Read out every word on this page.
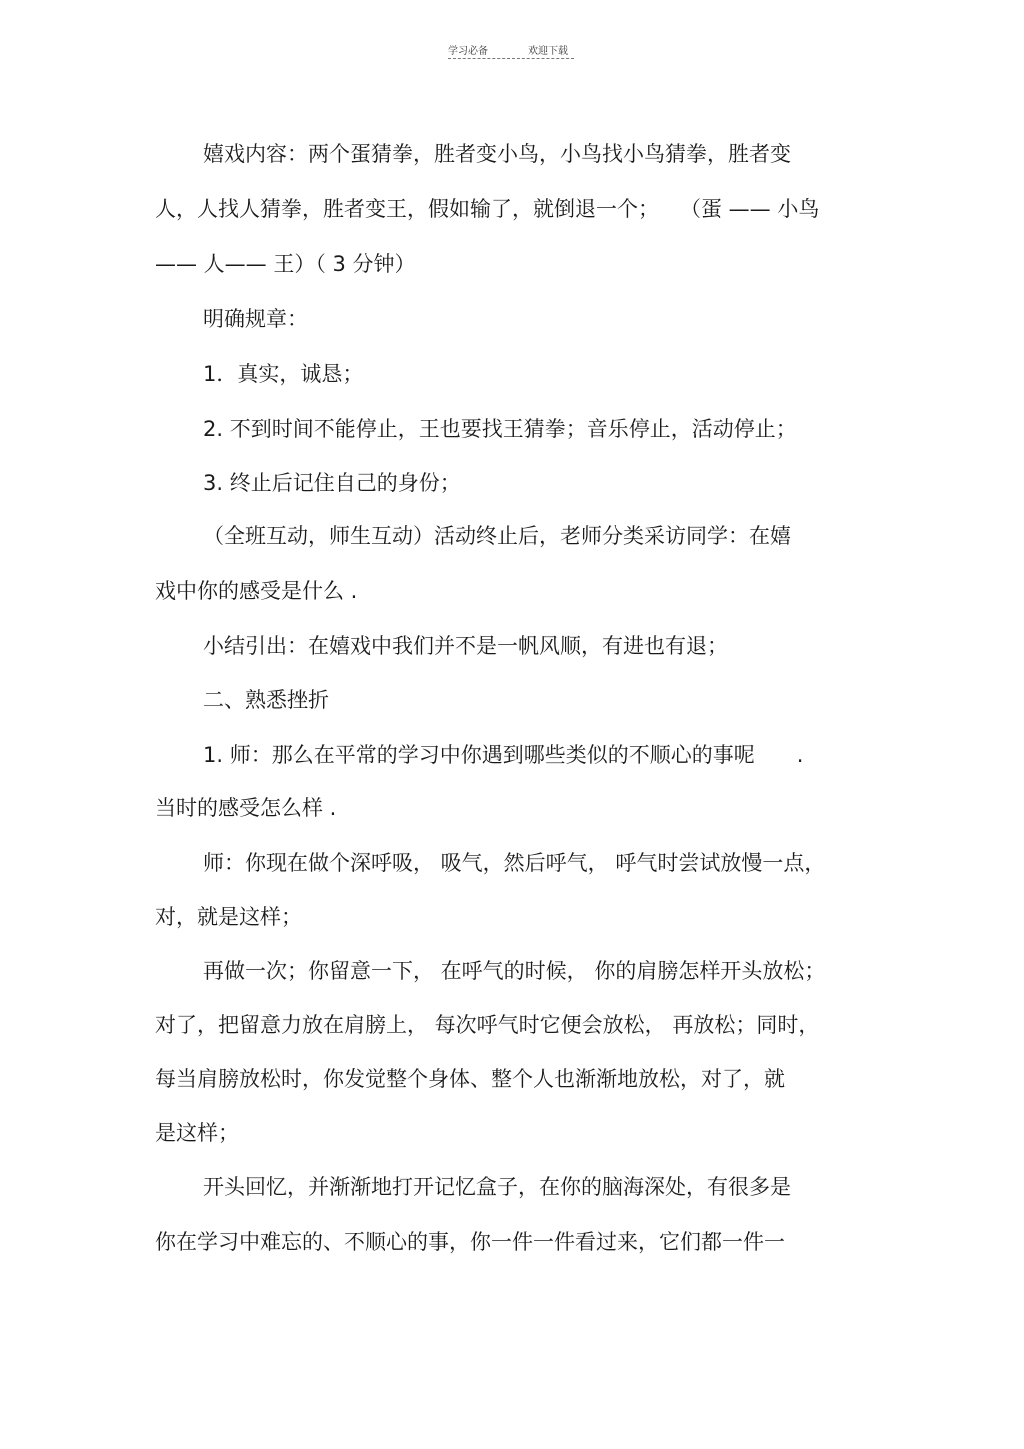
学习必备	欢迎下载
嬉戏内容：两个蛋猜拳，胜者变小鸟，小鸟找小鸟猜拳，胜者变
人，人找人猜拳，胜者变王，假如输了，就倒退一个；　　（蛋 —— 小鸟
—— 人—— 王）（ 3 分钟）
明确规章：
1．真实，诚恳；
2. 不到时间不能停止，王也要找王猜拳；音乐停止，活动停止；
3. 终止后记住自己的身份；
（全班互动，师生互动）活动终止后，老师分类采访同学：在嬉
戏中你的感受是什么 .
小结引出：在嬉戏中我们并不是一帆风顺，有进也有退；
二、熟悉挫折
1. 师：那么在平常的学习中你遇到哪些类似的不顺心的事呢　　.
当时的感受怎么样 .
师：你现在做个深呼吸， 吸气，然后呼气， 呼气时尝试放慢一点，
对，就是这样；
再做一次；你留意一下， 在呼气的时候， 你的肩膀怎样开头放松；
对了，把留意力放在肩膀上， 每次呼气时它便会放松， 再放松；同时，
每当肩膀放松时，你发觉整个身体、整个人也渐渐地放松，对了，就
是这样；
开头回忆，并渐渐地打开记忆盒子，在你的脑海深处，有很多是
你在学习中难忘的、不顺心的事，你一件一件看过来，它们都一件一
